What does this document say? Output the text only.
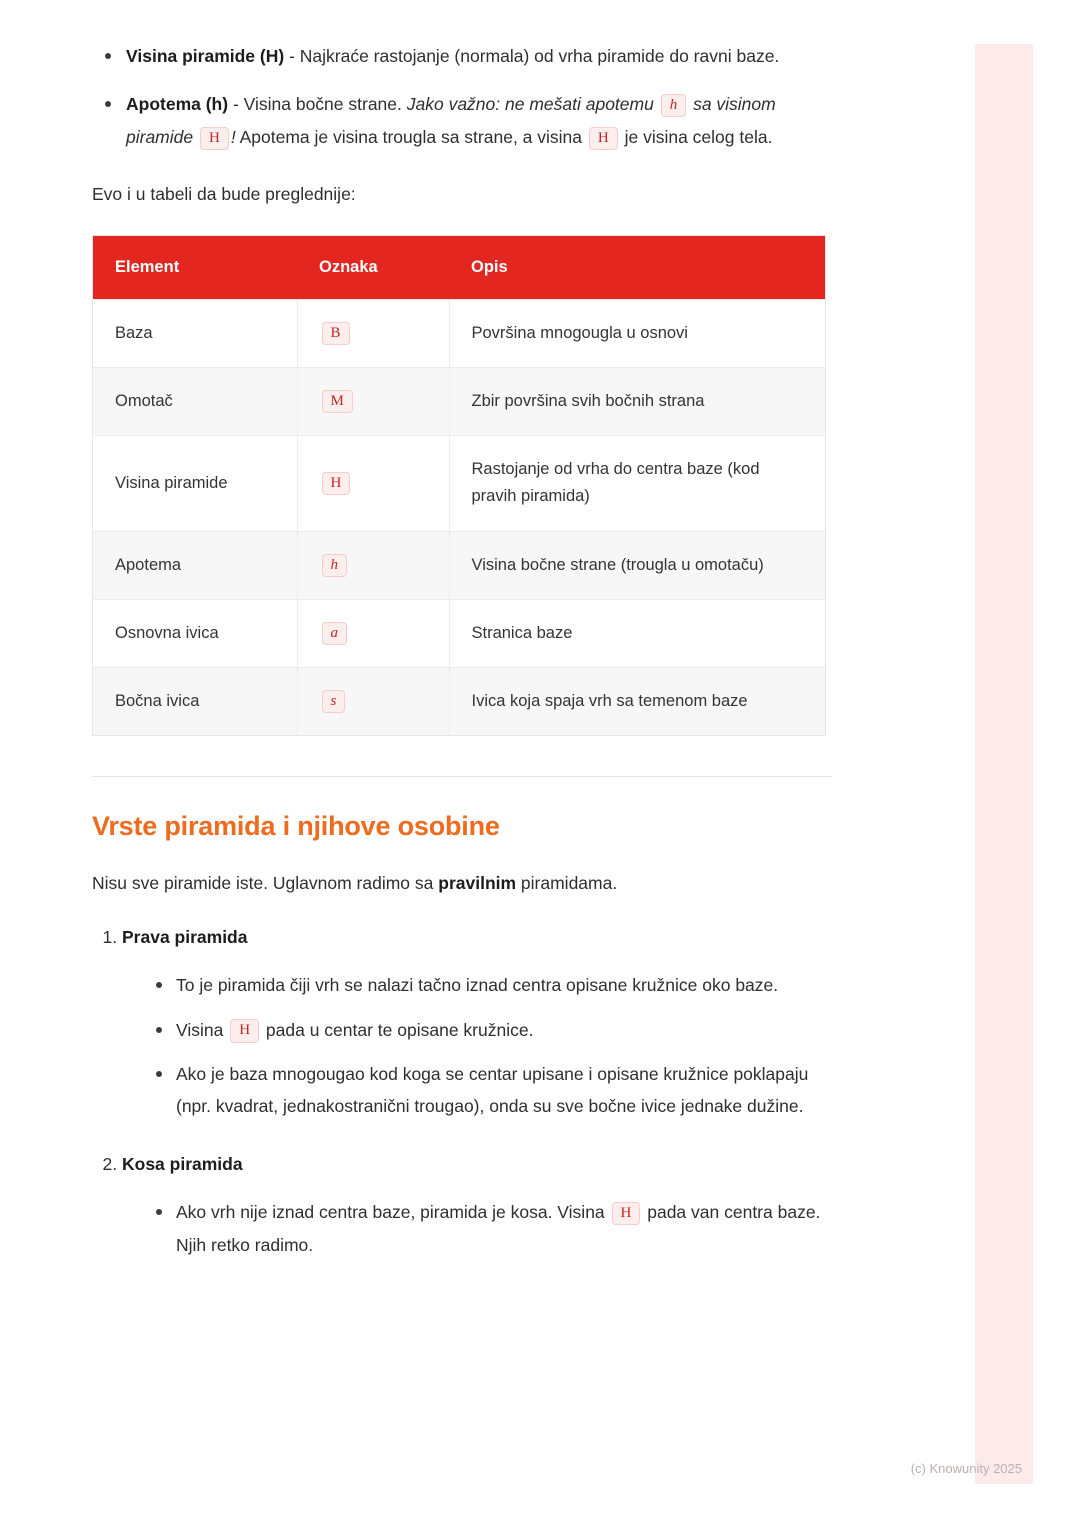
Visina piramide (H) - Najkraće rastojanje (normala) od vrha piramide do ravni baze.
Apotema (h) - Visina bočne strane. Jako važno: ne mešati apotemu h sa visinom piramide H ! Apotema je visina trougla sa strane, a visina H je visina celog tela.

Evo i u tabeli da bude preglednije:

Element	Oznaka	Opis
Baza	B	Površina mnogougla u osnovi
Omotač	M	Zbir površina svih bočnih strana
Visina piramide	H	Rastojanje od vrha do centra baze (kod pravih piramida)
Apotema	h	Visina bočne strane (trougla u omotaču)
Osnovna ivica	a	Stranica baze
Bočna ivica	s	Ivica koja spaja vrh sa temenom baze
Vrste piramida i njihove osobine

Nisu sve piramide iste. Uglavnom radimo sa pravilnim piramidama.

1. Prava piramida
To je piramida čiji vrh se nalazi tačno iznad centra opisane kružnice oko baze.
Visina H pada u centar te opisane kružnice.
Ako je baza mnogougao kod koga se centar upisane i opisane kružnice poklapaju (npr. kvadrat, jednakostranični trougao), onda su sve bočne ivice jednake dužine.
2. Kosa piramida
Ako vrh nije iznad centra baze, piramida je kosa. Visina H pada van centra baze. Njih retko radimo.
(c) Knowunity 2025
